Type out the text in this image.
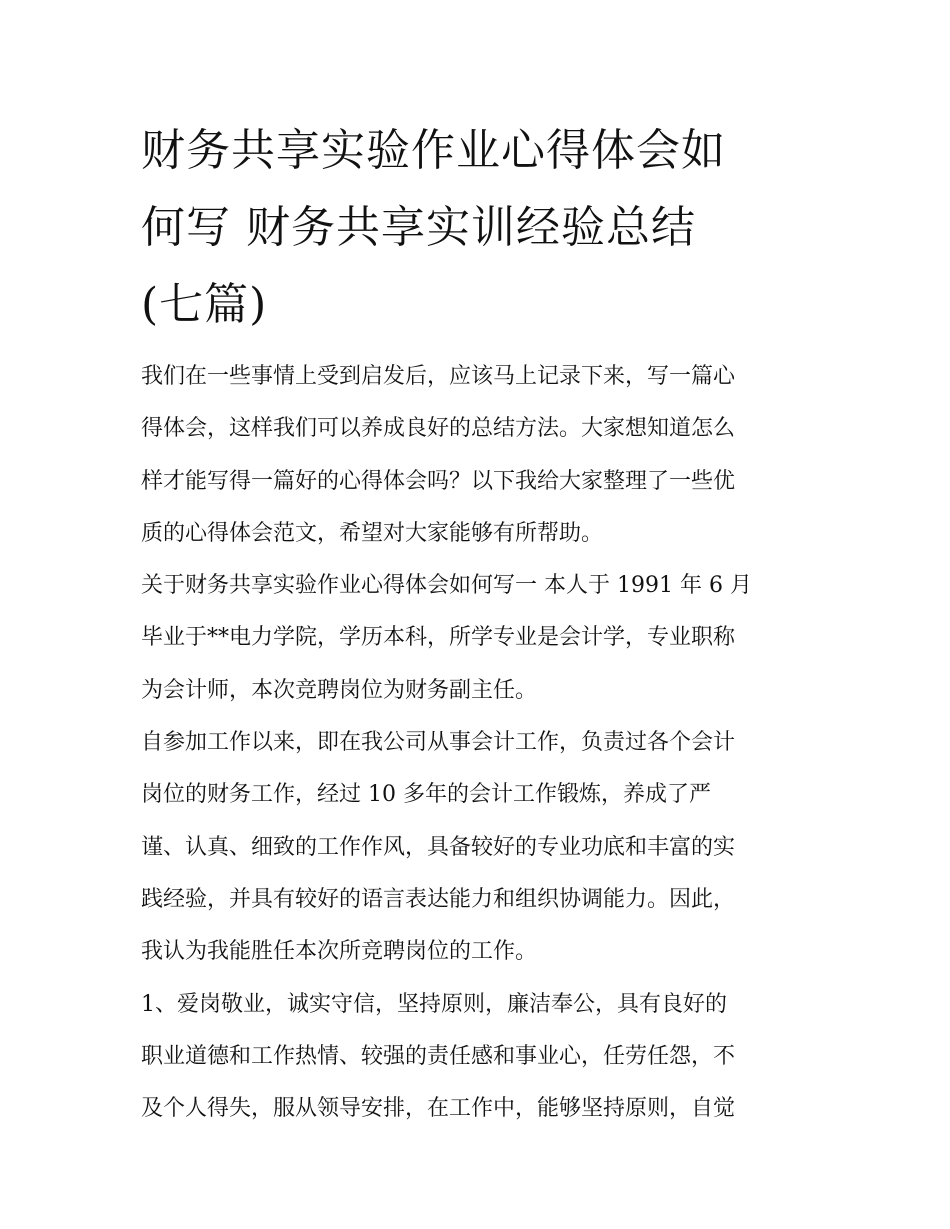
财务共享实验作业心得体会如
何写 财务共享实训经验总结
(七篇)

我们在一些事情上受到启发后，应该马上记录下来，写一篇心
得体会，这样我们可以养成良好的总结方法。大家想知道怎么
样才能写得一篇好的心得体会吗？以下我给大家整理了一些优
质的心得体会范文，希望对大家能够有所帮助。

关于财务共享实验作业心得体会如何写一 本人于 1991 年 6 月
毕业于**电力学院，学历本科，所学专业是会计学，专业职称
为会计师，本次竞聘岗位为财务副主任。

自参加工作以来，即在我公司从事会计工作，负责过各个会计
岗位的财务工作，经过 10 多年的会计工作锻炼，养成了严
谨、认真、细致的工作作风，具备较好的专业功底和丰富的实
践经验，并具有较好的语言表达能力和组织协调能力。因此，
我认为我能胜任本次所竞聘岗位的工作。

1、爱岗敬业，诚实守信，坚持原则，廉洁奉公，具有良好的
职业道德和工作热情、较强的责任感和事业心，任劳任怨，不
及个人得失，服从领导安排，在工作中，能够坚持原则，自觉
